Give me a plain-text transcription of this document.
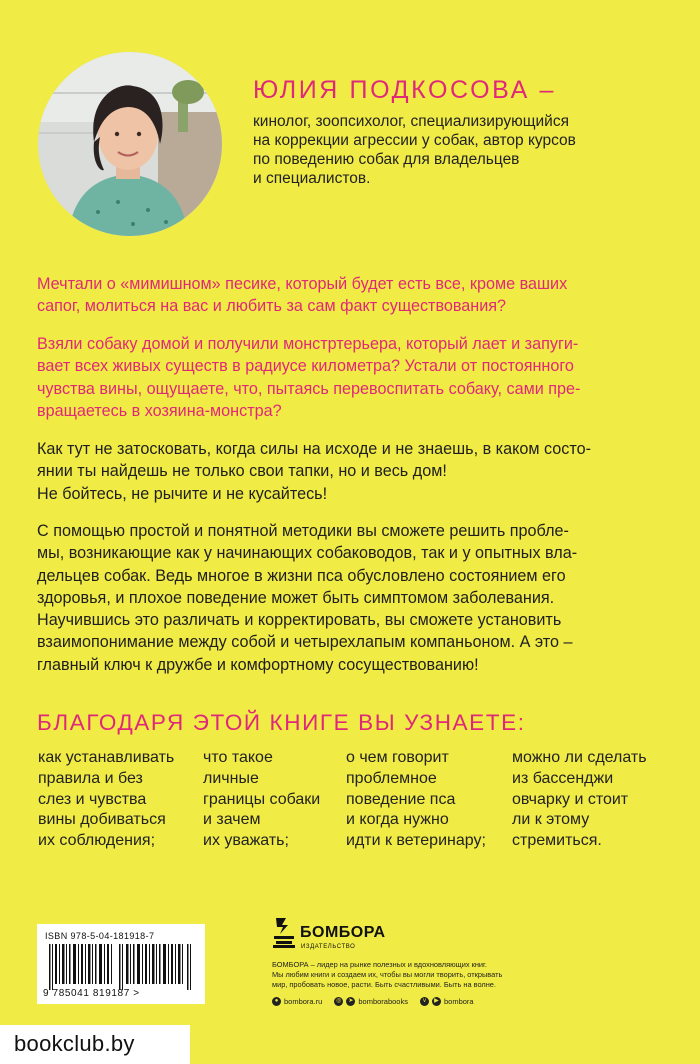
ЮЛИЯ ПОДКОСОВА –
кинолог, зоопсихолог, специализирующийся
на коррекции агрессии у собак, автор курсов
по поведению собак для владельцев
и специалистов.
Мечтали о «мимишном» песике, который будет есть все, кроме ваших
сапог, молиться на вас и любить за сам факт существования?
Взяли собаку домой и получили монстртерьера, который лает и запуги-
вает всех живых существ в радиусе километра? Устали от постоянного
чувства вины, ощущаете, что, пытаясь перевоспитать собаку, сами пре-
вращаетесь в хозяина-монстра?
Как тут не затосковать, когда силы на исходе и не знаешь, в каком состо-
янии ты найдешь не только свои тапки, но и весь дом!
Не бойтесь, не рычите и не кусайтесь!
С помощью простой и понятной методики вы сможете решить пробле-
мы, возникающие как у начинающих собаководов, так и у опытных вла-
дельцев собак. Ведь многое в жизни пса обусловлено состоянием его
здоровья, и плохое поведение может быть симптомом заболевания.
Научившись это различать и корректировать, вы сможете установить
взаимопонимание между собой и четырехлапым компаньоном. А это –
главный ключ к дружбе и комфортному сосуществованию!
БЛАГОДАРЯ ЭТОЙ КНИГЕ ВЫ УЗНАЕТЕ:
как устанавливать
правила и без
слез и чувства
вины добиваться
их соблюдения;
что такое
личные
границы собаки
и зачем
их уважать;
о чем говорит
проблемное
поведение пса
и когда нужно
идти к ветеринару;
можно ли сделать
из бассенджи
овчарку и стоит
ли к этому
стремиться.
ISBN 978-5-04-181918-7
9 785041 819187 >
БОМБОРА
ИЗДАТЕЛЬСТВО
БОМБОРА – лидер на рынке полезных и вдохновляющих книг.
Мы любим книги и создаем их, чтобы вы могли творить, открывать
мир, пробовать новое, расти. Быть счастливыми. Быть на волне.
● bombora.ru	◎	➤ bomborabooks	v	▶ bombora
bookclub.by
